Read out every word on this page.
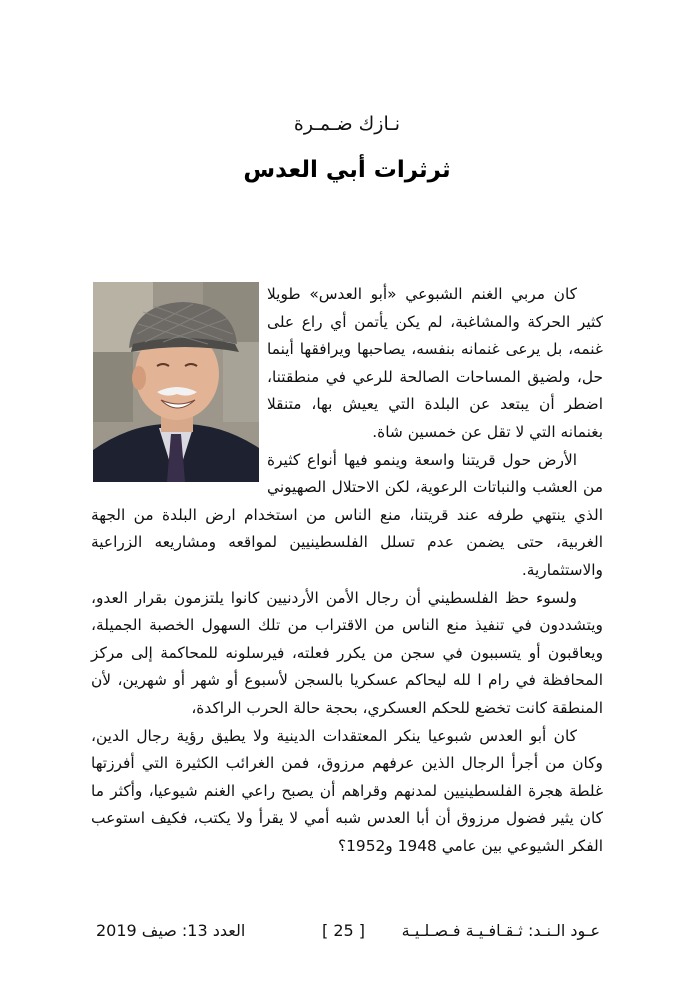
نـازك ضـمـرة
ثرثرات أبي العدس

كان مربي الغنم الشبوعي «أبو العدس» طويلا كثير الحركة والمشاغبة، لم يكن يأتمن أي راع على غنمه، بل يرعى غنمانه بنفسه، يصاحبها ويرافقها أينما حل، ولضيق المساحات الصالحة للرعي في منطقتنا، اضطر أن يبتعد عن البلدة التي يعيش بها، متنقلا بغنمانه التي لا تقل عن خمسين شاة.

الأرض حول قريتنا واسعة وينمو فيها أنواع كثيرة من العشب والنباتات الرعوية، لكن الاحتلال الصهيوني الذي ينتهي طرفه عند قريتنا، منع الناس من استخدام ارض البلدة من الجهة الغربية، حتى يضمن عدم تسلل الفلسطينيين لمواقعه ومشاريعه الزراعية والاستثمارية.

ولسوء حظ الفلسطيني أن رجال الأمن الأردنيين كانوا يلتزمون بقرار العدو، ويتشددون في تنفيذ منع الناس من الاقتراب من تلك السهول الخصبة الجميلة، ويعاقبون أو يتسببون في سجن من يكرر فعلته، فيرسلونه للمحاكمة إلى مركز المحافظة في رام ا لله ليحاكم عسكريا بالسجن لأسبوع أو شهر أو شهرين، لأن المنطقة كانت تخضع للحكم العسكري، بحجة حالة الحرب الراكدة،

كان أبو العدس شبوعيا ينكر المعتقدات الدينية ولا يطيق رؤية رجال الدين، وكان من أجرأ الرجال الذين عرفهم مرزوق، فمن الغرائب الكثيرة التي أفرزتها غلطة هجرة الفلسطينيين لمدنهم وقراهم أن يصبح راعي الغنم شيوعيا، وأكثر ما كان يثير فضول مرزوق أن أبا العدس شبه أمي لا يقرأ ولا يكتب، فكيف استوعب الفكر الشيوعي بين عامي 1948 و1952؟

عـود الـنـد: ثـقـافـيـة فـصـلـيـة
[ 25 ]
العدد 13: صيف 2019
